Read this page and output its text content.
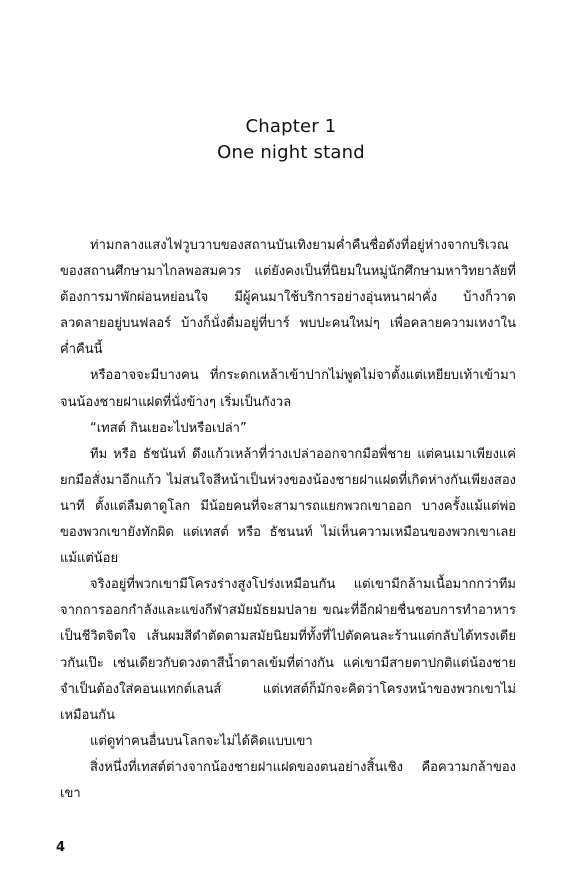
Chapter 1
One night stand

ท่ามกลางแสงไฟวูบวาบของสถานบันเทิงยามค่ำคืนชื่อดังที่อยู่ห่างจากบริเวณของสถานศึกษามาไกลพอสมควร แต่ยังคงเป็นที่นิยมในหมู่นักศึกษามหาวิทยาลัยที่ต้องการมาพักผ่อนหย่อนใจ มีผู้คนมาใช้บริการอย่างอุ่นหนาฝาคั่ง บ้างก็วาดลวดลายอยู่บนฟลอร์ บ้างก็นั่งดื่มอยู่ที่บาร์ พบปะคนใหม่ๆ เพื่อคลายความเหงาในค่ำคืนนี้

หรืออาจจะมีบางคน ที่กระดกเหล้าเข้าปากไม่พูดไม่จาตั้งแต่เหยียบเท้าเข้ามา จนน้องชายฝาแฝดที่นั่งข้างๆ เริ่มเป็นกังวล

“เทสต์ กินเยอะไปหรือเปล่า”

ทีม หรือ ธัชนันท์ ดึงแก้วเหล้าที่ว่างเปล่าออกจากมือพี่ชาย แต่คนเมาเพียงแค่ยกมือสั่งมาอีกแก้ว ไม่สนใจสีหน้าเป็นห่วงของน้องชายฝาแฝดที่เกิดห่างกันเพียงสองนาที ตั้งแต่ลืมตาดูโลก มีน้อยคนที่จะสามารถแยกพวกเขาออก บางครั้งแม้แต่พ่อของพวกเขายังทักผิด แต่เทสต์ หรือ ธัชนนท์ ไม่เห็นความเหมือนของพวกเขาเลยแม้แต่น้อย

จริงอยู่ที่พวกเขามีโครงร่างสูงโปร่งเหมือนกัน แต่เขามีกล้ามเนื้อมากกว่าทีมจากการออกกำลังและแข่งกีฬาสมัยมัธยมปลาย ขณะที่อีกฝ่ายชื่นชอบการทำอาหารเป็นชีวิตจิตใจ เส้นผมสีดำตัดตามสมัยนิยมที่ทั้งที่ไปตัดคนละร้านแต่กลับได้ทรงเดียวกันเป๊ะ เช่นเดียวกับดวงตาสีน้ำตาลเข้มที่ต่างกัน แค่เขามีสายตาปกติแต่น้องชายจำเป็นต้องใส่คอนแทกต์เลนส์ แต่เทสต์ก็มักจะคิดว่าโครงหน้าของพวกเขาไม่เหมือนกัน

แต่ดูท่าคนอื่นบนโลกจะไม่ได้คิดแบบเขา

สิ่งหนึ่งที่เทสต์ต่างจากน้องชายฝาแฝดของตนอย่างสิ้นเชิง คือความกล้าของเขา

4
